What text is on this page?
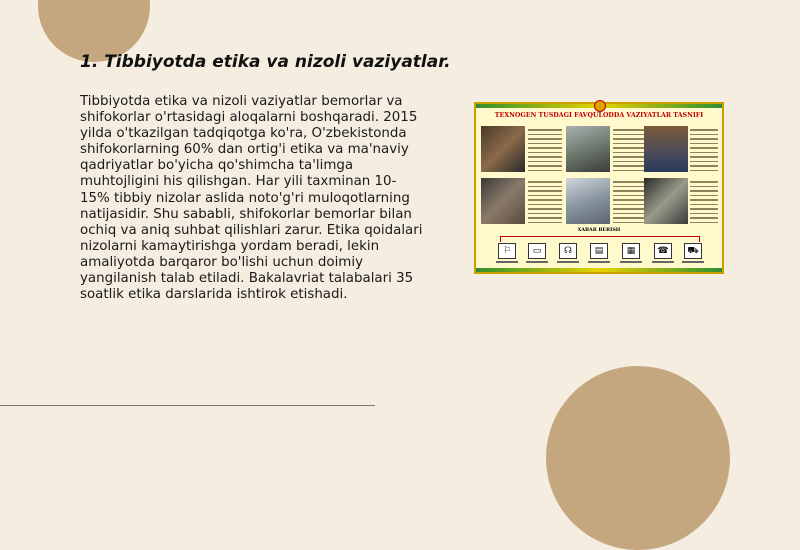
1. Tibbiyotda etika va nizoli vaziyatlar.

Tibbiyotda etika va nizoli vaziyatlar bemorlar va shifokorlar o'rtasidagi aloqalarni boshqaradi. 2015 yilda o'tkazilgan tadqiqotga ko'ra, O'zbekistonda shifokorlarning 60% dan ortig'i etika va ma'naviy qadriyatlar bo'yicha qo'shimcha ta'limga muhtojligini his qilishgan. Har yili taxminan 10-15% tibbiy nizolar aslida noto'g'ri muloqotlarning natijasidir. Shu sababli, shifokorlar bemorlar bilan ochiq va aniq suhbat qilishlari zarur. Etika qoidalari nizolarni kamaytirishga yordam beradi, lekin amaliyotda barqaror bo'lishi uchun doimiy yangilanish talab etiladi. Bakalavriat talabalari 35 soatlik etika darslarida ishtirok etishadi.

TEXNOGEN TUSDAGI FAVQULODDA VAZIYATLAR TASNIFI
XABAR BERISH
⚐	▭	☊	▤	▦	☎	⛟
